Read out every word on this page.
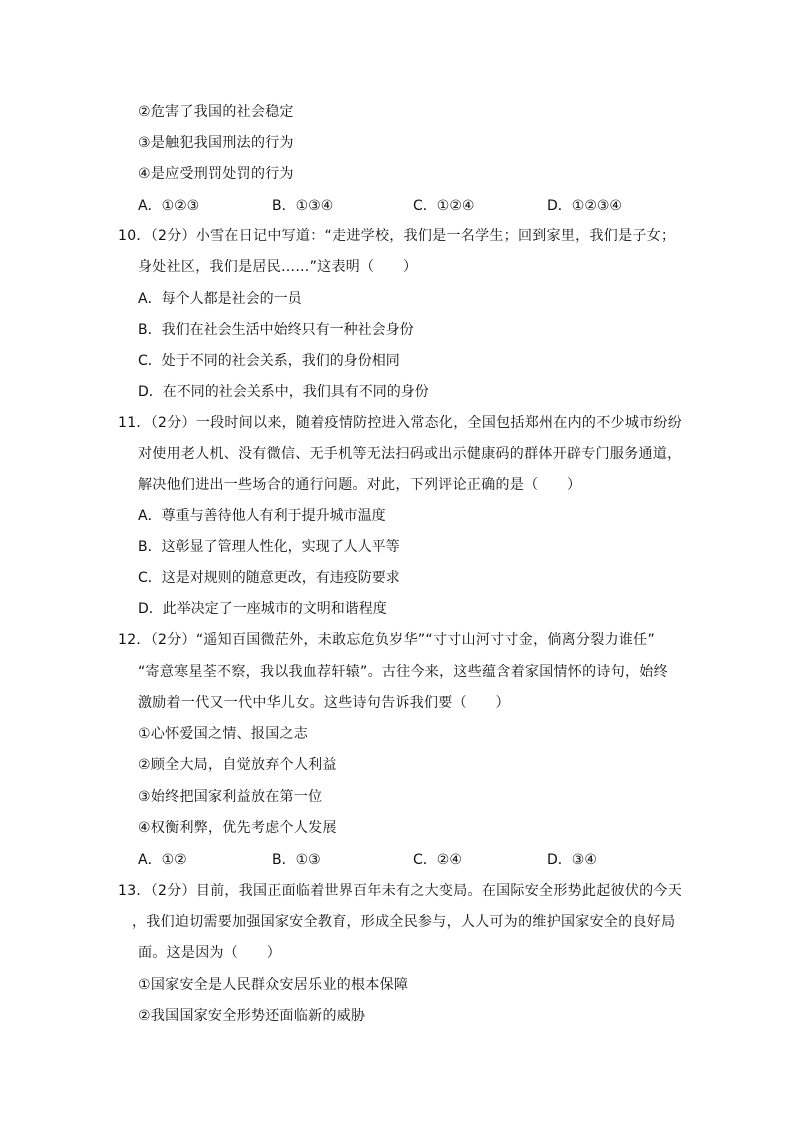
②危害了我国的社会稳定
③是触犯我国刑法的行为
④是应受刑罚处罚的行为
A．①②③	B．①③④	C．①②④	D．①②③④
10．（2分）小雪在日记中写道：“走进学校，我们是一名学生；回到家里，我们是子女；
身处社区，我们是居民……”这表明（　　）
A．每个人都是社会的一员
B．我们在社会生活中始终只有一种社会身份
C．处于不同的社会关系，我们的身份相同
D．在不同的社会关系中，我们具有不同的身份
11．（2分）一段时间以来，随着疫情防控进入常态化，全国包括郑州在内的不少城市纷纷
对使用老人机、没有微信、无手机等无法扫码或出示健康码的群体开辟专门服务通道，
解决他们进出一些场合的通行问题。对此，下列评论正确的是（　　）
A．尊重与善待他人有利于提升城市温度
B．这彰显了管理人性化，实现了人人平等
C．这是对规则的随意更改，有违疫防要求
D．此举决定了一座城市的文明和谐程度
12．（2分）“遥知百国微茫外，未敢忘危负岁华”“寸寸山河寸寸金，倘离分裂力谁任”
“寄意寒星荃不察，我以我血荐轩辕”。古往今来，这些蕴含着家国情怀的诗句，始终
激励着一代又一代中华儿女。这些诗句告诉我们要（　　）
①心怀爱国之情、报国之志
②顾全大局，自觉放弃个人利益
③始终把国家利益放在第一位
④权衡利弊，优先考虑个人发展
A．①②	B．①③	C．②④	D．③④
13．（2分）目前，我国正面临着世界百年未有之大变局。在国际安全形势此起彼伏的今天
，我们迫切需要加强国家安全教育，形成全民参与，人人可为的维护国家安全的良好局
面。这是因为（　　）
①国家安全是人民群众安居乐业的根本保障
②我国国家安全形势还面临新的威胁
